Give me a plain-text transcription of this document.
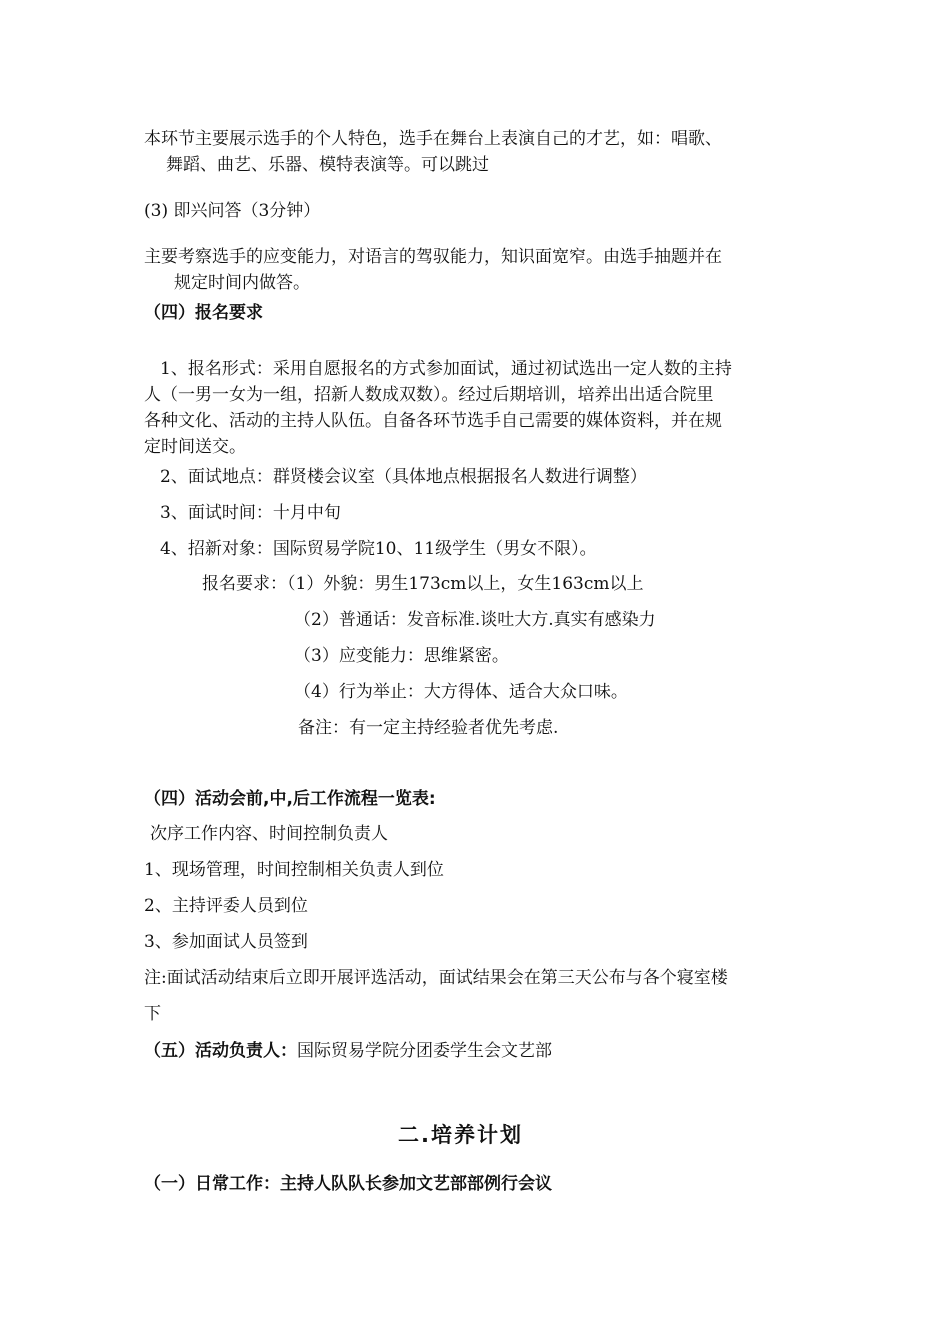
本环节主要展示选手的个人特色，选手在舞台上表演自己的才艺，如：唱歌、
舞蹈、曲艺、乐器、模特表演等。可以跳过
(3) 即兴问答（3分钟）
主要考察选手的应变能力，对语言的驾驭能力，知识面宽窄。由选手抽题并在
规定时间内做答。
（四）报名要求
1、报名形式：采用自愿报名的方式参加面试，通过初试选出一定人数的主持
人（一男一女为一组，招新人数成双数）。经过后期培训，培养出出适合院里
各种文化、活动的主持人队伍。自备各环节选手自己需要的媒体资料，并在规
定时间送交。
2、面试地点：群贤楼会议室（具体地点根据报名人数进行调整）
3、面试时间：十月中旬
4、招新对象：国际贸易学院10、11级学生（男女不限）。
报名要求：（1）外貌：男生173cm以上，女生163cm以上
（2）普通话：发音标准.谈吐大方.真实有感染力
（3）应变能力：思维紧密。
（4）行为举止：大方得体、适合大众口味。
备注：有一定主持经验者优先考虑.
（四）活动会前,中,后工作流程一览表:
次序工作内容、时间控制负责人
1、现场管理，时间控制相关负责人到位
2、主持评委人员到位
3、参加面试人员签到
注:面试活动结束后立即开展评选活动，面试结果会在第三天公布与各个寝室楼
下
（五）活动负责人：国际贸易学院分团委学生会文艺部
二.培养计划
（一）日常工作：主持人队队长参加文艺部部例行会议
